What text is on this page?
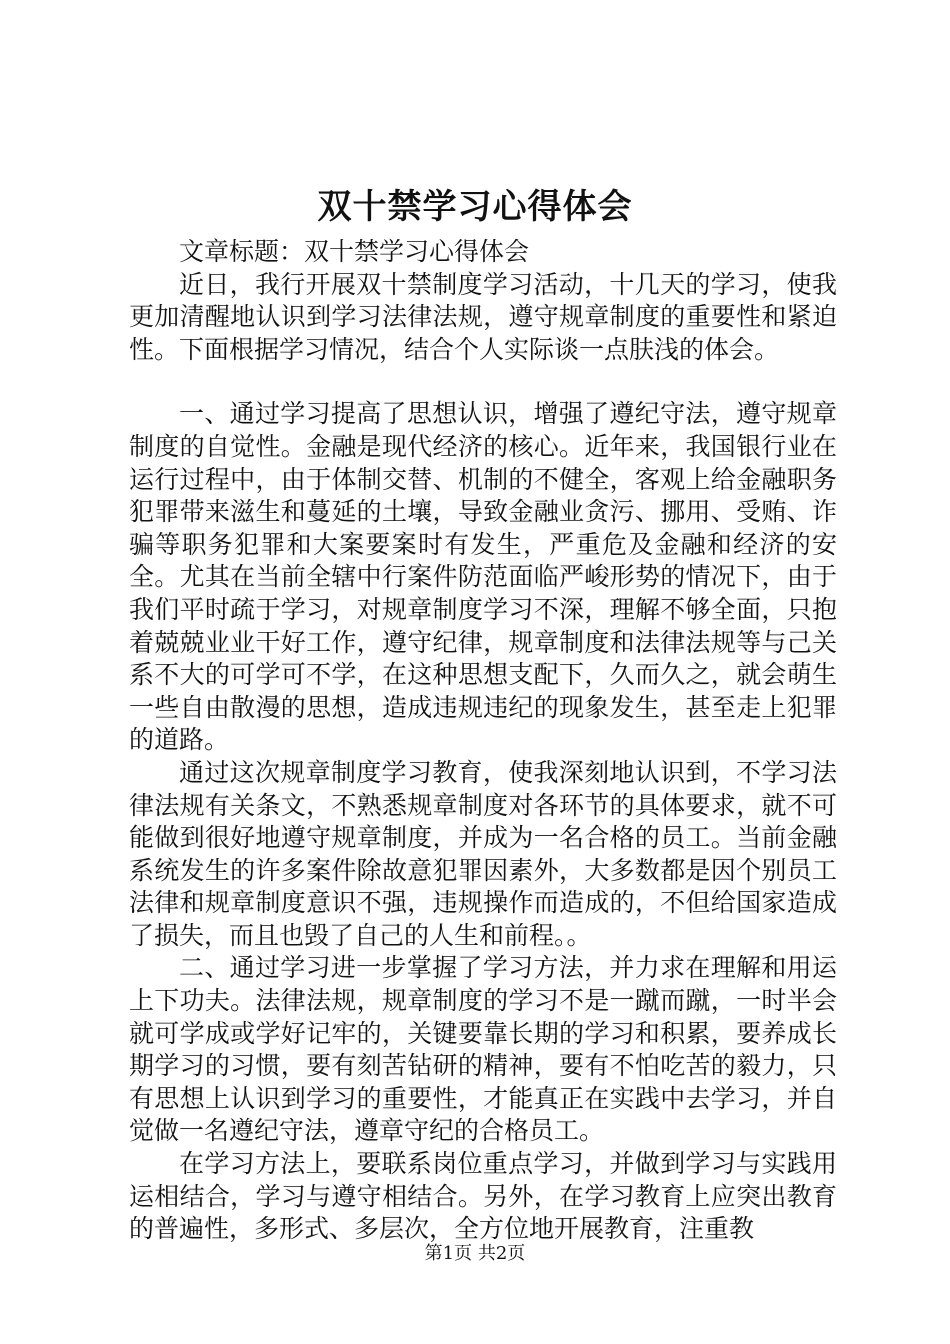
双十禁学习心得体会

文章标题：双十禁学习心得体会

近日，我行开展双十禁制度学习活动，十几天的学习，使我更加清醒地认识到学习法律法规，遵守规章制度的重要性和紧迫性。下面根据学习情况，结合个人实际谈一点肤浅的体会。

一、通过学习提高了思想认识，增强了遵纪守法，遵守规章制度的自觉性。金融是现代经济的核心。近年来，我国银行业在运行过程中，由于体制交替、机制的不健全，客观上给金融职务犯罪带来滋生和蔓延的土壤，导致金融业贪污、挪用、受贿、诈骗等职务犯罪和大案要案时有发生，严重危及金融和经济的安全。尤其在当前全辖中行案件防范面临严峻形势的情况下，由于我们平时疏于学习，对规章制度学习不深，理解不够全面，只抱着兢兢业业干好工作，遵守纪律，规章制度和法律法规等与己关系不大的可学可不学，在这种思想支配下，久而久之，就会萌生一些自由散漫的思想，造成违规违纪的现象发生，甚至走上犯罪的道路。

通过这次规章制度学习教育，使我深刻地认识到，不学习法律法规有关条文，不熟悉规章制度对各环节的具体要求，就不可能做到很好地遵守规章制度，并成为一名合格的员工。当前金融系统发生的许多案件除故意犯罪因素外，大多数都是因个别员工法律和规章制度意识不强，违规操作而造成的，不但给国家造成了损失，而且也毁了自己的人生和前程。。

二、通过学习进一步掌握了学习方法，并力求在理解和用运上下功夫。法律法规，规章制度的学习不是一蹴而蹴，一时半会就可学成或学好记牢的，关键要靠长期的学习和积累，要养成长期学习的习惯，要有刻苦钻研的精神，要有不怕吃苦的毅力，只有思想上认识到学习的重要性，才能真正在实践中去学习，并自觉做一名遵纪守法，遵章守纪的合格员工。

在学习方法上，要联系岗位重点学习，并做到学习与实践用运相结合，学习与遵守相结合。另外，在学习教育上应突出教育的普遍性，多形式、多层次，全方位地开展教育，注重教

第1页 共2页
